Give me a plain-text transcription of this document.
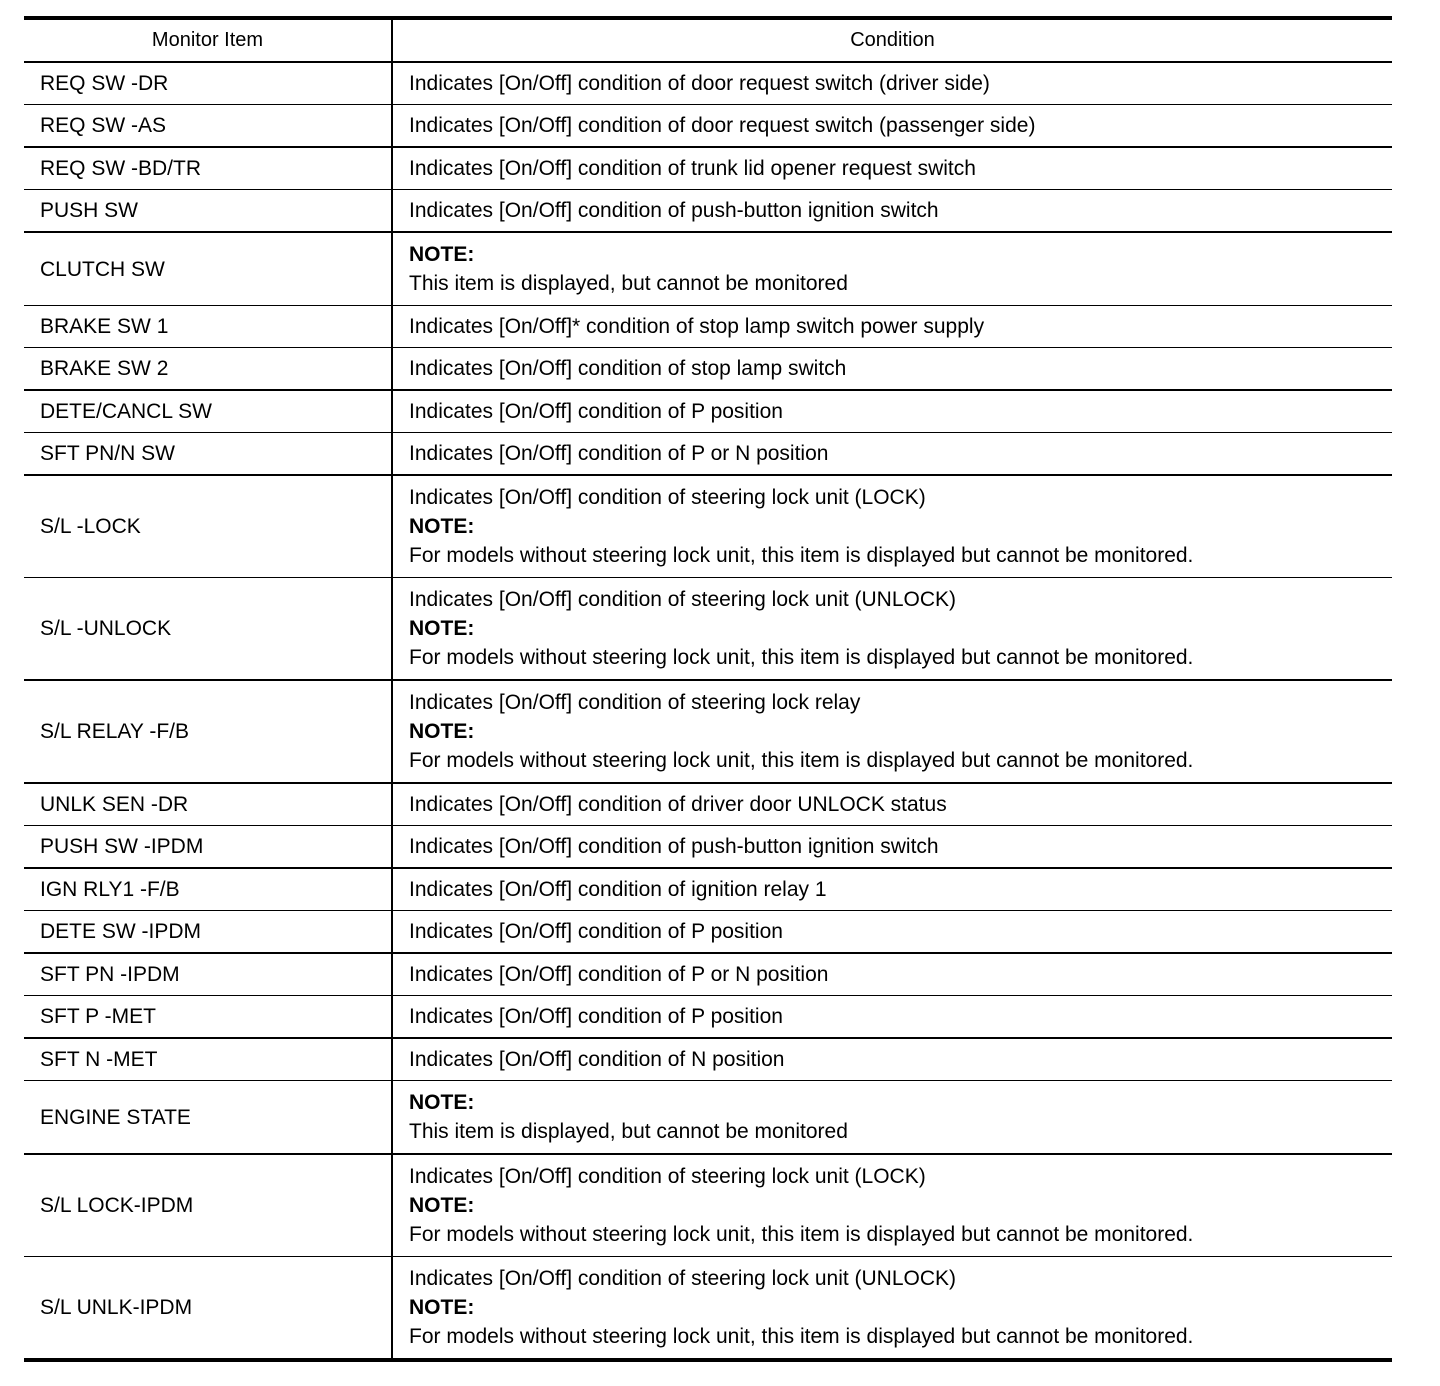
Monitor Item	Condition
REQ SW -DR	Indicates [On/Off] condition of door request switch (driver side)

REQ SW -AS	Indicates [On/Off] condition of door request switch (passenger side)

REQ SW -BD/TR	Indicates [On/Off] condition of trunk lid opener request switch

PUSH SW	Indicates [On/Off] condition of push-button ignition switch

CLUTCH SW	NOTE:
This item is displayed, but cannot be monitored

BRAKE SW 1	Indicates [On/Off]* condition of stop lamp switch power supply

BRAKE SW 2	Indicates [On/Off] condition of stop lamp switch

DETE/CANCL SW	Indicates [On/Off] condition of P position

SFT PN/N SW	Indicates [On/Off] condition of P or N position

S/L -LOCK	Indicates [On/Off] condition of steering lock unit (LOCK)
NOTE:
For models without steering lock unit, this item is displayed but cannot be monitored.

S/L -UNLOCK	Indicates [On/Off] condition of steering lock unit (UNLOCK)
NOTE:
For models without steering lock unit, this item is displayed but cannot be monitored.

S/L RELAY -F/B	Indicates [On/Off] condition of steering lock relay
NOTE:
For models without steering lock unit, this item is displayed but cannot be monitored.

UNLK SEN -DR	Indicates [On/Off] condition of driver door UNLOCK status

PUSH SW -IPDM	Indicates [On/Off] condition of push-button ignition switch

IGN RLY1 -F/B	Indicates [On/Off] condition of ignition relay 1

DETE SW -IPDM	Indicates [On/Off] condition of P position

SFT PN -IPDM	Indicates [On/Off] condition of P or N position

SFT P -MET	Indicates [On/Off] condition of P position

SFT N -MET	Indicates [On/Off] condition of N position

ENGINE STATE	NOTE:
This item is displayed, but cannot be monitored

S/L LOCK-IPDM	Indicates [On/Off] condition of steering lock unit (LOCK)
NOTE:
For models without steering lock unit, this item is displayed but cannot be monitored.

S/L UNLK-IPDM	Indicates [On/Off] condition of steering lock unit (UNLOCK)
NOTE:
For models without steering lock unit, this item is displayed but cannot be monitored.
